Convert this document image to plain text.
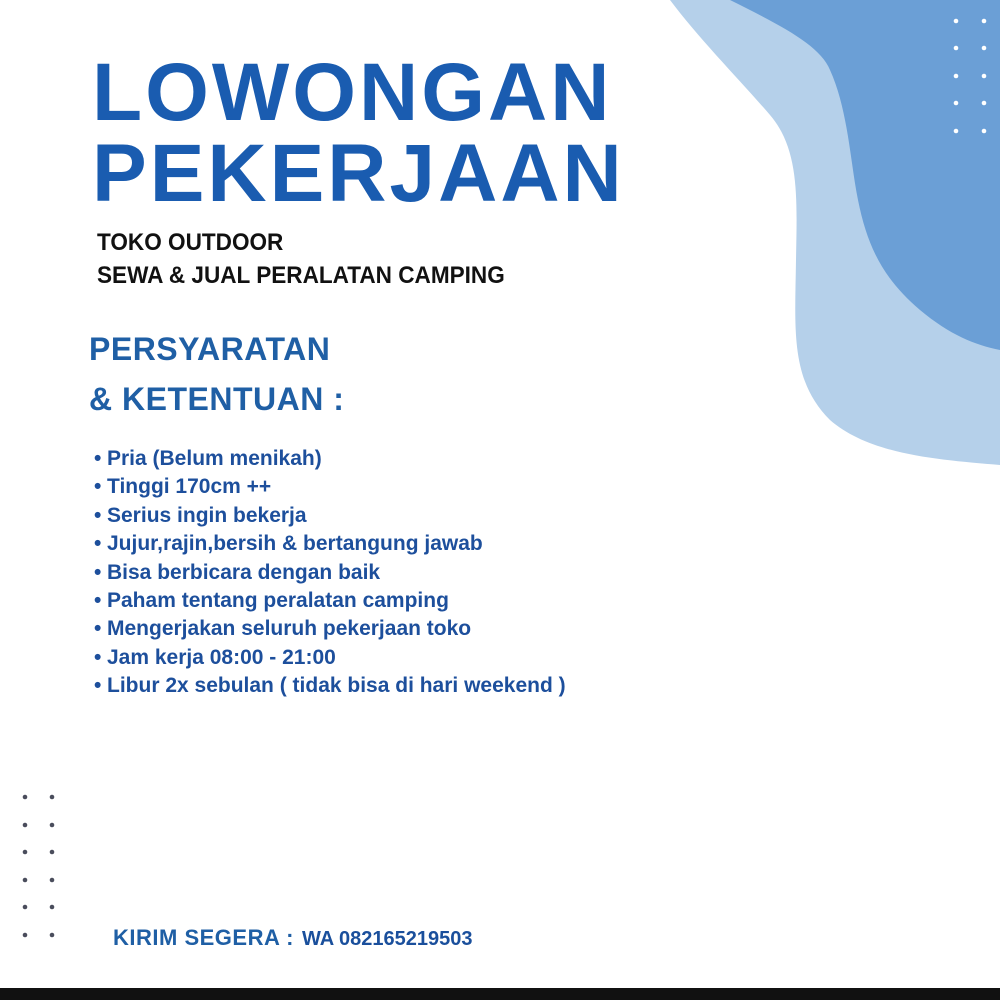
LOWONGAN
PEKERJAAN
TOKO OUTDOOR
SEWA & JUAL PERALATAN CAMPING
PERSYARATAN
& KETENTUAN :
• Pria (Belum menikah)
• Tinggi 170cm ++
• Serius ingin bekerja
• Jujur,rajin,bersih & bertangung jawab
• Bisa berbicara dengan baik
• Paham tentang peralatan camping
• Mengerjakan seluruh pekerjaan toko
• Jam kerja 08:00 - 21:00
• Libur 2x sebulan ( tidak bisa di hari weekend )
KIRIM SEGERA : WA 082165219503
